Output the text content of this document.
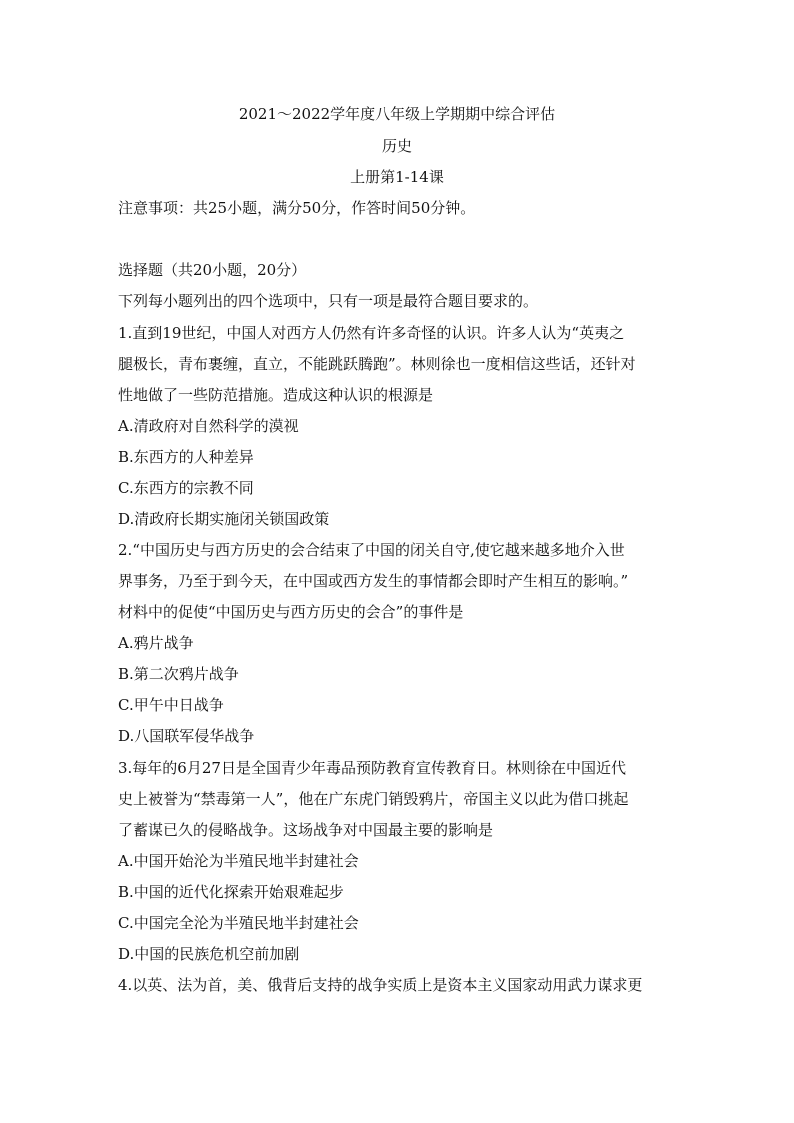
2021～2022学年度八年级上学期期中综合评估
历史
上册第1-14课
注意事项：共25小题，满分50分，作答时间50分钟。
选择题（共20小题，20分）
下列每小题列出的四个选项中，只有一项是最符合题目要求的。
1.直到19世纪，中国人对西方人仍然有许多奇怪的认识。许多人认为“英夷之
腿极长，青布裹缠，直立，不能跳跃腾跑”。林则徐也一度相信这些话，还针对
性地做了一些防范措施。造成这种认识的根源是
A.清政府对自然科学的漠视
B.东西方的人种差异
C.东西方的宗教不同
D.清政府长期实施闭关锁国政策
2.“中国历史与西方历史的会合结束了中国的闭关自守,使它越来越多地介入世
界事务，乃至于到今天，在中国或西方发生的事情都会即时产生相互的影响。”
材料中的促使“中国历史与西方历史的会合”的事件是
A.鸦片战争
B.第二次鸦片战争
C.甲午中日战争
D.八国联军侵华战争
3.每年的6月27日是全国青少年毒品预防教育宣传教育日。林则徐在中国近代
史上被誉为“禁毒第一人”，他在广东虎门销毁鸦片，帝国主义以此为借口挑起
了蓄谋已久的侵略战争。这场战争对中国最主要的影响是
A.中国开始沦为半殖民地半封建社会
B.中国的近代化探索开始艰难起步
C.中国完全沦为半殖民地半封建社会
D.中国的民族危机空前加剧
4.以英、法为首，美、俄背后支持的战争实质上是资本主义国家动用武力谋求更
